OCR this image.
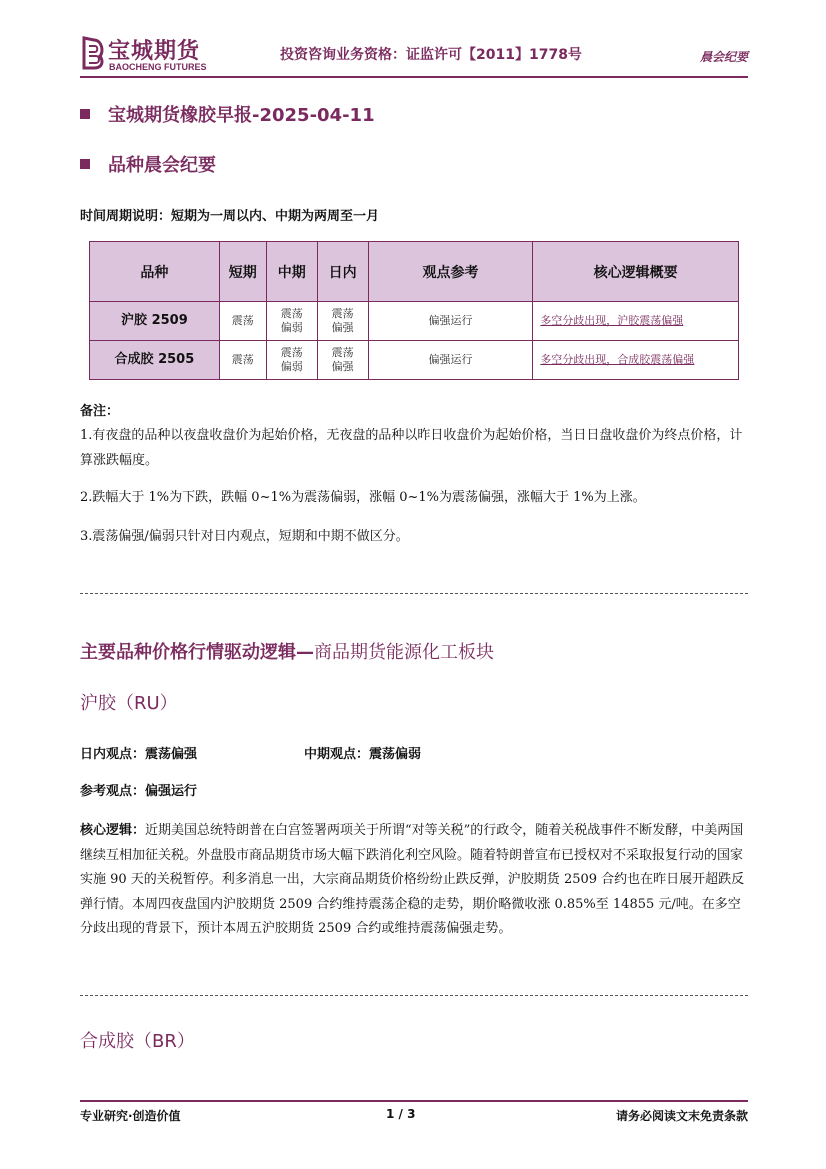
宝城期货
BAOCHENG FUTURES
投资咨询业务资格：证监许可【2011】1778号	晨会纪要
宝城期货橡胶早报-2025-04-11
品种晨会纪要
时间周期说明：短期为一周以内、中期为两周至一月
品种	短期	中期	日内	观点参考	核心逻辑概要
沪胶 2509	震荡	震荡偏弱	震荡偏强	偏强运行	多空分歧出现，沪胶震荡偏强
合成胶 2505	震荡	震荡偏弱	震荡偏强	偏强运行	多空分歧出现，合成胶震荡偏强
备注：
1.有夜盘的品种以夜盘收盘价为起始价格，无夜盘的品种以昨日收盘价为起始价格，当日日盘收盘价为终点价格，计算涨跌幅度。
2.跌幅大于 1%为下跌，跌幅 0~1%为震荡偏弱，涨幅 0~1%为震荡偏强，涨幅大于 1%为上涨。
3.震荡偏强/偏弱只针对日内观点，短期和中期不做区分。
主要品种价格行情驱动逻辑—商品期货能源化工板块
沪胶（RU）
日内观点：震荡偏强	中期观点：震荡偏弱
参考观点：偏强运行
核心逻辑：近期美国总统特朗普在白宫签署两项关于所谓“对等关税”的行政令，随着关税战事件不断发酵，中美两国继续互相加征关税。外盘股市商品期货市场大幅下跌消化利空风险。随着特朗普宣布已授权对不采取报复行动的国家实施 90 天的关税暂停。利多消息一出，大宗商品期货价格纷纷止跌反弹，沪胶期货 2509 合约也在昨日展开超跌反弹行情。本周四夜盘国内沪胶期货 2509 合约维持震荡企稳的走势，期价略微收涨 0.85%至 14855 元/吨。在多空分歧出现的背景下，预计本周五沪胶期货 2509 合约或维持震荡偏强走势。
合成胶（BR）
专业研究·创造价值	1 / 3	请务必阅读文末免责条款
